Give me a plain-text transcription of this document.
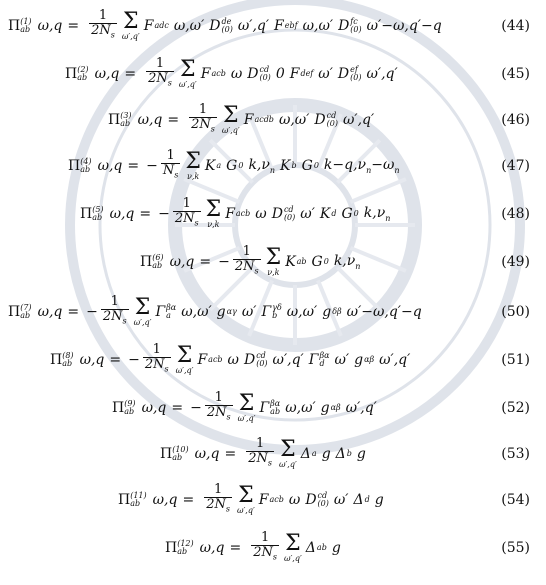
Π (1)
ab $\omega,q = \frac{1}{2N_s}$ Σ
ω′,q′
F adc ω,ω′ D de
(0) ω′,q′ F ebf ω,ω′ D fc
(0) ω′−ω,q′−q	(44)
Π (2)
ab $\omega,q = \frac{1}{2N_s}$ Σ
ω′,q′
F acb ω D cd
(0) 0 F def ω′ D ef
(0) ω′,q′	(45)
Π (3)
ab $\omega,q = \frac{1}{2N_s}$ Σ
ω′,q′
F acdb ω,ω′ D cd
(0) ω′,q′	(46)
Π (4)
ab ω,q = − $\frac{1}{N_s}$ Σ
ν,k
K a G 0 $k,\nu_n$ K b G 0 $k-q,\nu_n-\omega_n$	(47)
Π (5)
ab ω,q = − $\frac{1}{2N_s}$ Σ
ν,k
F acb ω D cd
(0) ω′ K d G 0 $k,\nu_n$	(48)
Π (6)
ab ω,q = − $\frac{1}{2N_s}$ Σ
ν,k
K ab G 0 $k,\nu_n$	(49)
Π (7)
ab ω,q = − $\frac{1}{2N_s}$ Σ
ω′,q′
Γ βα
a ω,ω′ g αγ ω′ Γ γδ
b ω,ω′ g δβ ω′−ω,q′−q	(50)
Π (8)
ab ω,q = − $\frac{1}{2N_s}$ Σ
ω′,q′
F acb ω D cd
(0) ω′,q′ Γ βα
d ω′ g αβ ω′,q′	(51)
Π (9)
ab ω,q = − $\frac{1}{2N_s}$ Σ
ω′,q′
Γ βα
ab ω,ω′ g αβ ω′,q′	(52)
Π (10)
ab $\omega,q = \frac{1}{2N_s}$ Σ
ω′,q′
Δ a g Δ b g	(53)
Π (11)
ab $\omega,q = \frac{1}{2N_s}$ Σ
ω′,q′
F acb ω D cd
(0) ω′ Δ d g	(54)
Π (12)
ab $\omega,q = \frac{1}{2N_s}$ Σ
ω′,q′
Δ ab g	(55)
